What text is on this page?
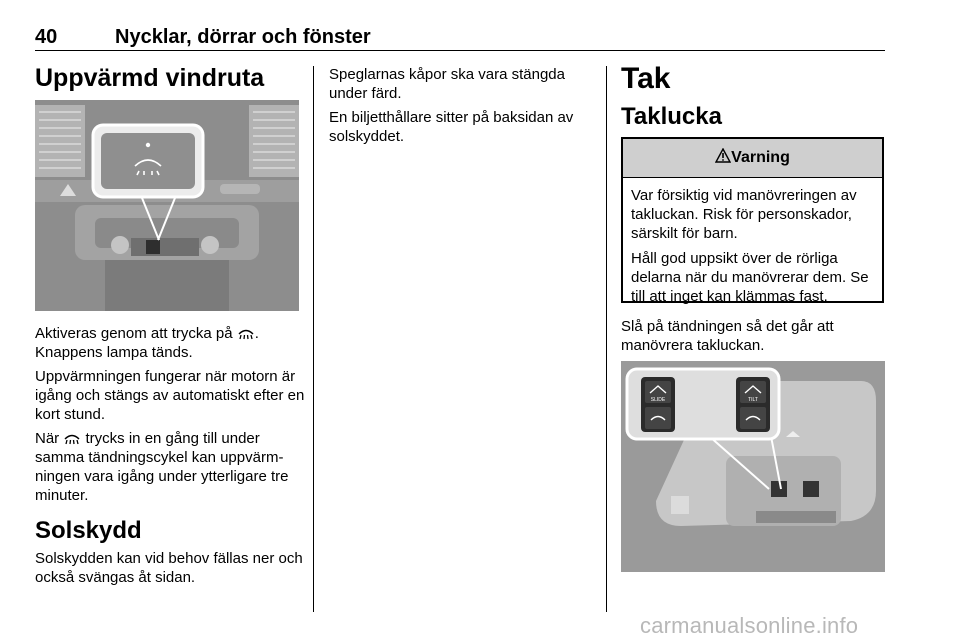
40	Nycklar, dörrar och fönster
Uppvärmd vindruta

Aktiveras genom att trycka på .
Knappens lampa tänds.

Uppvärmningen fungerar när motorn är igång och stängs av automatiskt efter en kort stund.

När trycks in en gång till under samma tändningscykel kan uppvärm-ningen vara igång under ytterligare tre minuter.

Solskydd

Solskydden kan vid behov fällas ner och också svängas åt sidan.

Speglarnas kåpor ska vara stängda under färd.

En biljetthållare sitter på baksidan av solskyddet.

Tak
Taklucka
Varning

Var försiktig vid manövreringen av takluckan. Risk för personskador, särskilt för barn.

Håll god uppsikt över de rörliga delarna när du manövrerar dem. Se till att inget kan klämmas fast.

Slå på tändningen så det går att manövrera takluckan.

SLIDE	TILT
carmanualsonline.info
